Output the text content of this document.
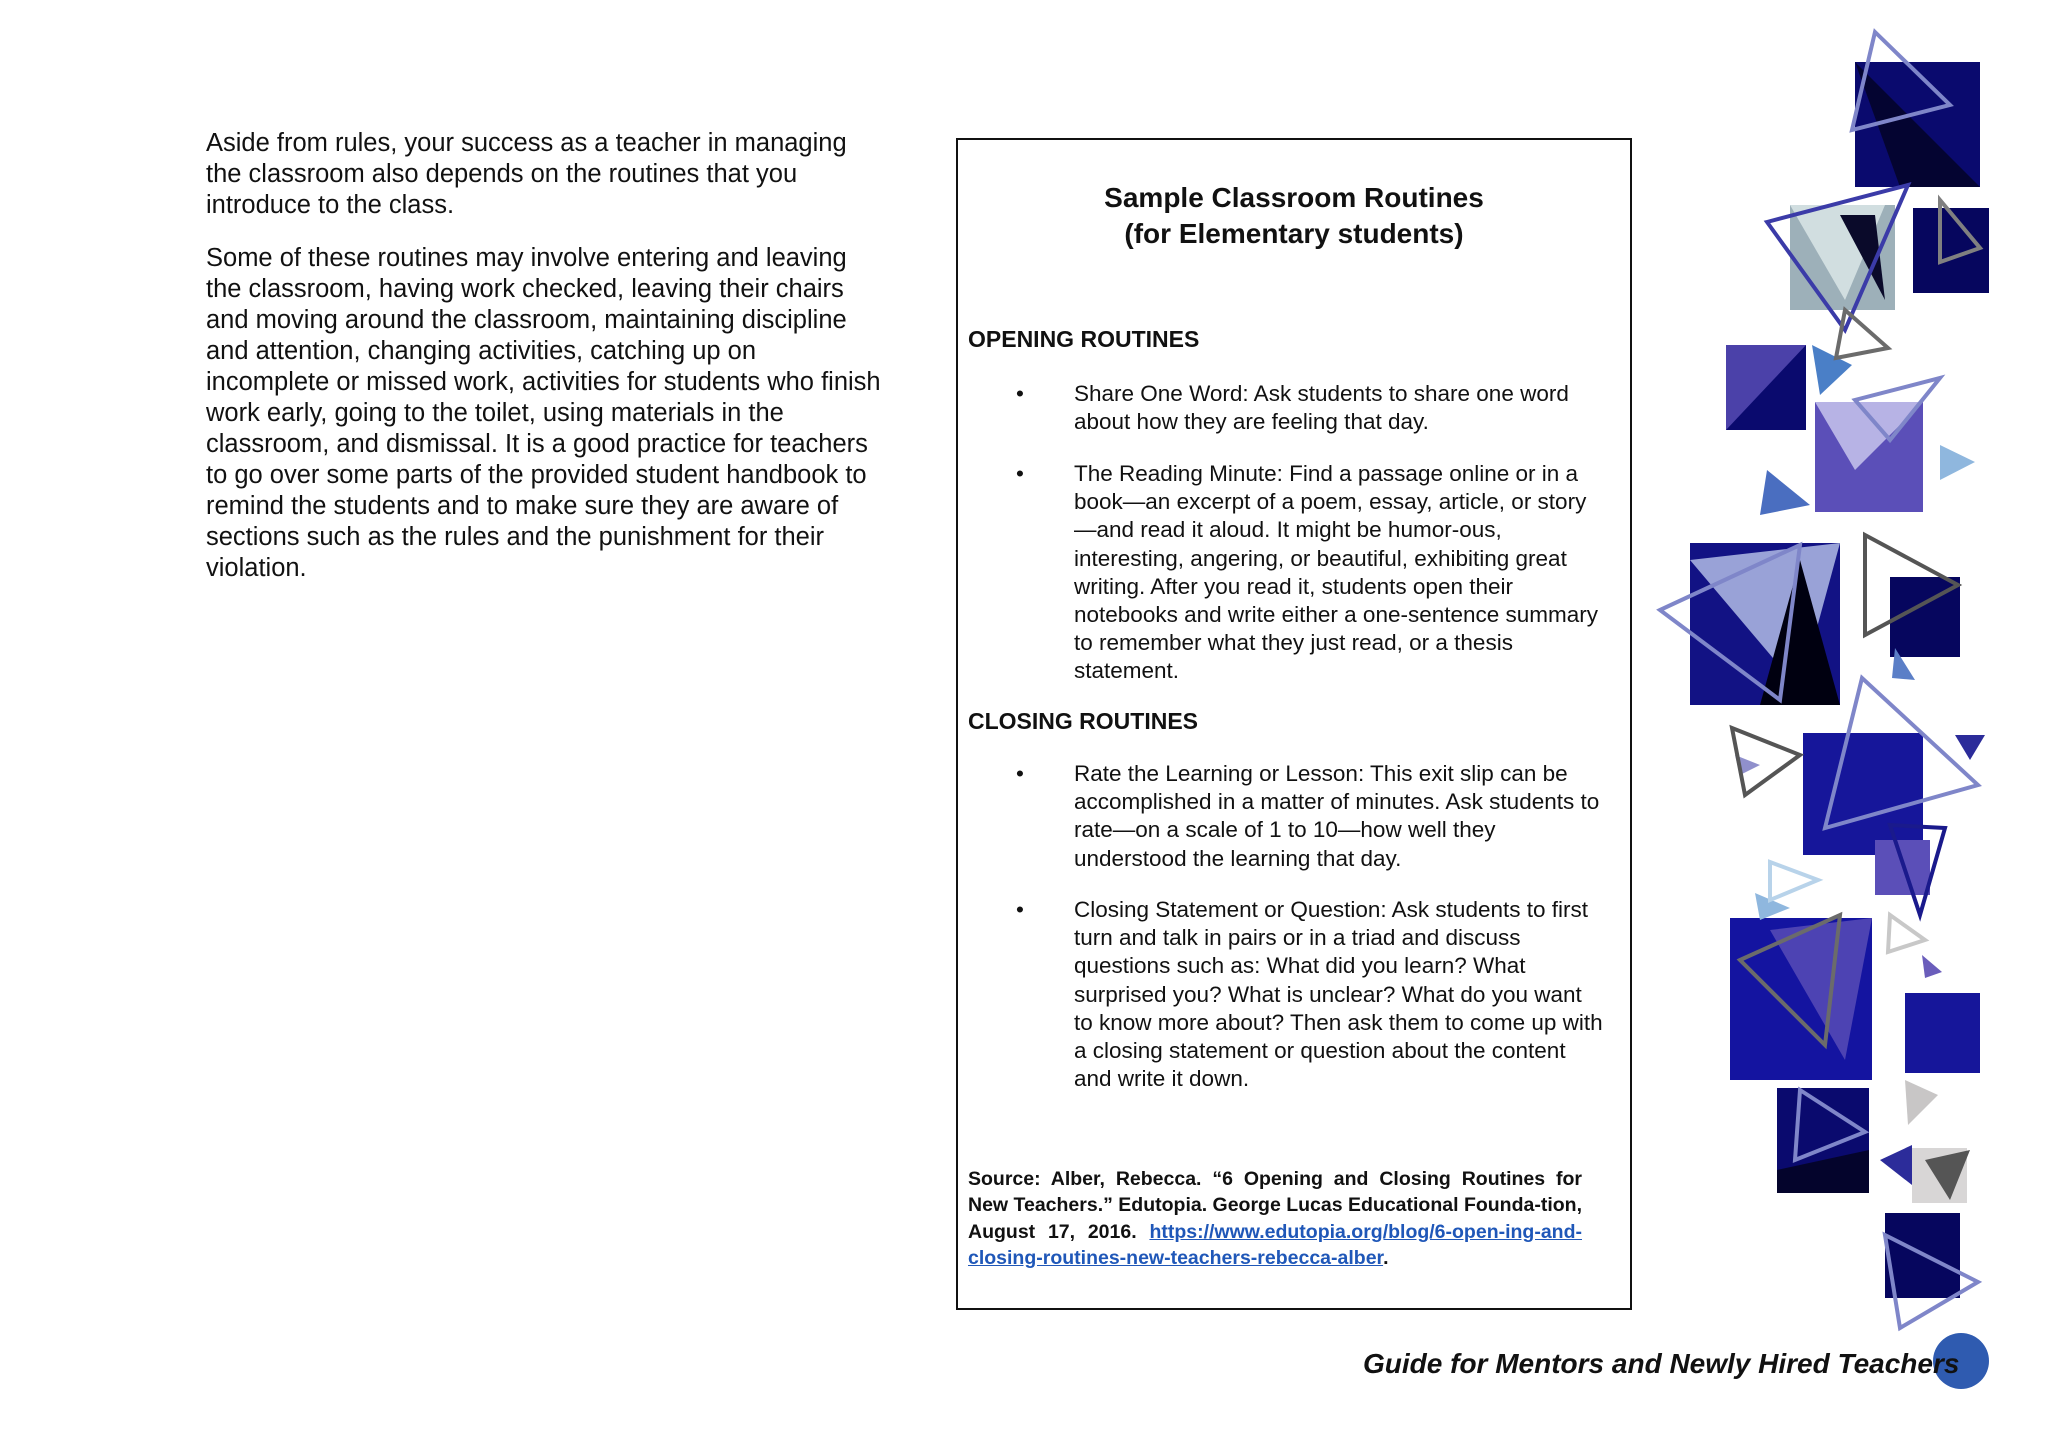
Aside from rules, your success as a teacher in managing the classroom also depends on the routines that you introduce to the class.

Some of these routines may involve entering and leaving the classroom, having work checked, leaving their chairs and moving around the classroom, maintaining discipline and attention, changing activities, catching up on incomplete or missed work, activities for students who finish work early, going to the toilet, using materials in the classroom, and dismissal. It is a good practice for teachers to go over some parts of the provided student handbook to remind the students and to make sure they are aware of sections such as the rules and the punishment for their violation.

Sample Classroom Routines
(for Elementary students)
OPENING ROUTINES
• Share One Word: Ask students to share one word about how they are feeling that day.
• The Reading Minute: Find a passage online or in a book—an excerpt of a poem, essay, article, or story—and read it aloud. It might be humor-ous, interesting, angering, or beautiful, exhibiting great writing. After you read it, students open their notebooks and write either a one-sentence summary to remember what they just read, or a thesis statement.
CLOSING ROUTINES
• Rate the Learning or Lesson: This exit slip can be accomplished in a matter of minutes. Ask students to rate—on a scale of 1 to 10—how well they understood the learning that day.
• Closing Statement or Question: Ask students to first turn and talk in pairs or in a triad and discuss questions such as: What did you learn? What surprised you? What is unclear? What do you want to know more about? Then ask them to come up with a closing statement or question about the content and write it down.
Source: Alber, Rebecca. “6 Opening and Closing Routines for New Teachers.” Edutopia. George Lucas Educational Founda-tion, August 17, 2016. https://www.edutopia.org/blog/6-open-ing-and-closing-routines-new-teachers-rebecca-alber.
Guide for Mentors and Newly Hired Teachers
